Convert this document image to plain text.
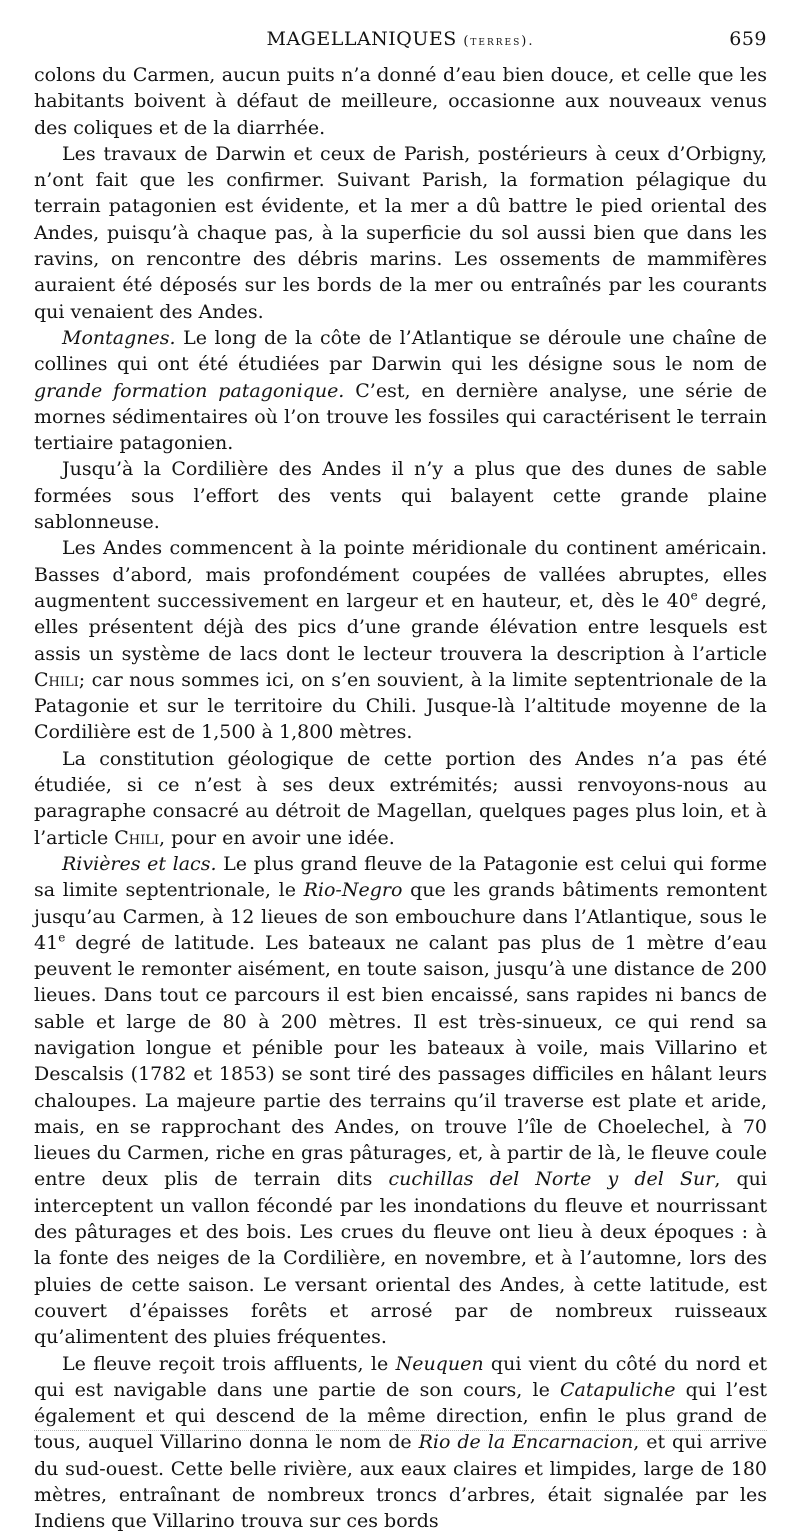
MAGELLANIQUES (terres).	659

colons du Carmen, aucun puits n’a donné d’eau bien douce, et celle que les habitants boivent à défaut de meilleure, occasionne aux nouveaux venus des coliques et de la diarrhée.

Les travaux de Darwin et ceux de Parish, postérieurs à ceux d’Orbigny, n’ont fait que les confirmer. Suivant Parish, la formation pélagique du terrain patagonien est évidente, et la mer a dû battre le pied oriental des Andes, puisqu’à chaque pas, à la superficie du sol aussi bien que dans les ravins, on rencontre des débris marins. Les ossements de mammifères auraient été déposés sur les bords de la mer ou entraînés par les courants qui venaient des Andes.

Montagnes. Le long de la côte de l’Atlantique se déroule une chaîne de collines qui ont été étudiées par Darwin qui les désigne sous le nom de grande formation patagonique. C’est, en dernière analyse, une série de mornes sédimentaires où l’on trouve les fossiles qui caractérisent le terrain tertiaire patagonien.

Jusqu’à la Cordilière des Andes il n’y a plus que des dunes de sable formées sous l’effort des vents qui balayent cette grande plaine sablonneuse.

Les Andes commencent à la pointe méridionale du continent américain. Basses d’abord, mais profondément coupées de vallées abruptes, elles augmentent successivement en largeur et en hauteur, et, dès le 40e degré, elles présentent déjà des pics d’une grande élévation entre lesquels est assis un système de lacs dont le lecteur trouvera la description à l’article Chili; car nous sommes ici, on s’en souvient, à la limite septentrionale de la Patagonie et sur le territoire du Chili. Jusque-là l’altitude moyenne de la Cordilière est de 1,500 à 1,800 mètres.

La constitution géologique de cette portion des Andes n’a pas été étudiée, si ce n’est à ses deux extrémités; aussi renvoyons-nous au paragraphe consacré au détroit de Magellan, quelques pages plus loin, et à l’article Chili, pour en avoir une idée.

Rivières et lacs. Le plus grand fleuve de la Patagonie est celui qui forme sa limite septentrionale, le Rio-Negro que les grands bâtiments remontent jusqu’au Carmen, à 12 lieues de son embouchure dans l’Atlantique, sous le 41e degré de latitude. Les bateaux ne calant pas plus de 1 mètre d’eau peuvent le remonter aisément, en toute saison, jusqu’à une distance de 200 lieues. Dans tout ce parcours il est bien encaissé, sans rapides ni bancs de sable et large de 80 à 200 mètres. Il est très-sinueux, ce qui rend sa navigation longue et pénible pour les bateaux à voile, mais Villarino et Descalsis (1782 et 1853) se sont tiré des passages difficiles en hâlant leurs chaloupes. La majeure partie des terrains qu’il traverse est plate et aride, mais, en se rapprochant des Andes, on trouve l’île de Choelechel, à 70 lieues du Carmen, riche en gras pâturages, et, à partir de là, le fleuve coule entre deux plis de terrain dits cuchillas del Norte y del Sur, qui interceptent un vallon fécondé par les inondations du fleuve et nourrissant des pâturages et des bois. Les crues du fleuve ont lieu à deux époques : à la fonte des neiges de la Cordilière, en novembre, et à l’automne, lors des pluies de cette saison. Le versant oriental des Andes, à cette latitude, est couvert d’épaisses forêts et arrosé par de nombreux ruisseaux qu’alimentent des pluies fréquentes.

Le fleuve reçoit trois affluents, le Neuquen qui vient du côté du nord et qui est navigable dans une partie de son cours, le Catapuliche qui l’est également et qui descend de la même direction, enfin le plus grand de tous, auquel Villarino donna le nom de Rio de la Encarnacion, et qui arrive du sud-ouest. Cette belle rivière, aux eaux claires et limpides, large de 180 mètres, entraînant de nombreux troncs d’arbres, était signalée par les Indiens que Villarino trouva sur ces bords
